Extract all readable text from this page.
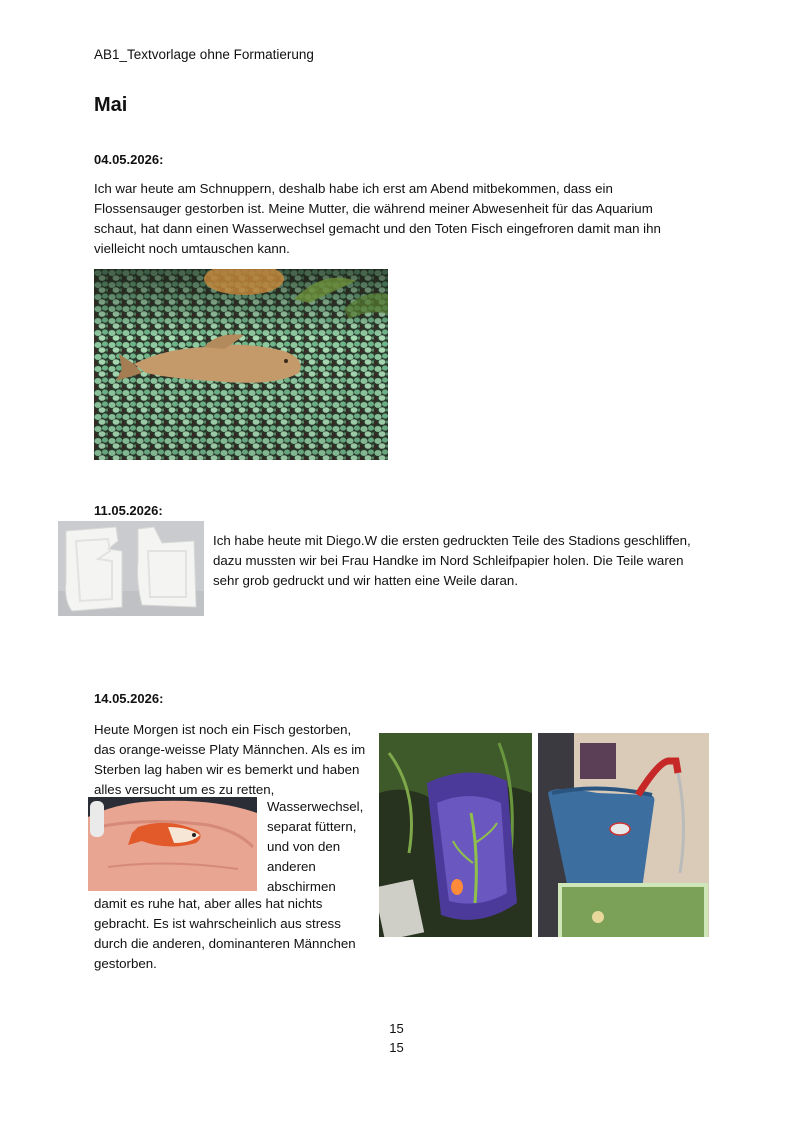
AB1_Textvorlage ohne Formatierung
Mai
04.05.2026:
Ich war heute am Schnuppern, deshalb habe ich erst am Abend mitbekommen, dass ein
Flossensauger gestorben ist. Meine Mutter, die während meiner Abwesenheit für das Aquarium
schaut, hat dann einen Wasserwechsel gemacht und den Toten Fisch eingefroren damit man ihn
vielleicht noch umtauschen kann.
11.05.2026:
Ich habe heute mit Diego.W die ersten gedruckten Teile des Stadions geschliffen,
dazu mussten wir bei Frau Handke im Nord Schleifpapier holen. Die Teile waren
sehr grob gedruckt und wir hatten eine Weile daran.
14.05.2026:
Heute Morgen ist noch ein Fisch gestorben,
das orange-weisse Platy Männchen. Als es im
Sterben lag haben wir es bemerkt und haben
alles versucht um es zu retten,
Wasserwechsel,
separat füttern,
und von den
anderen
abschirmen
damit es ruhe hat, aber alles hat nichts
gebracht. Es ist wahrscheinlich aus stress
durch die anderen, dominanteren Männchen
gestorben.
15
15
